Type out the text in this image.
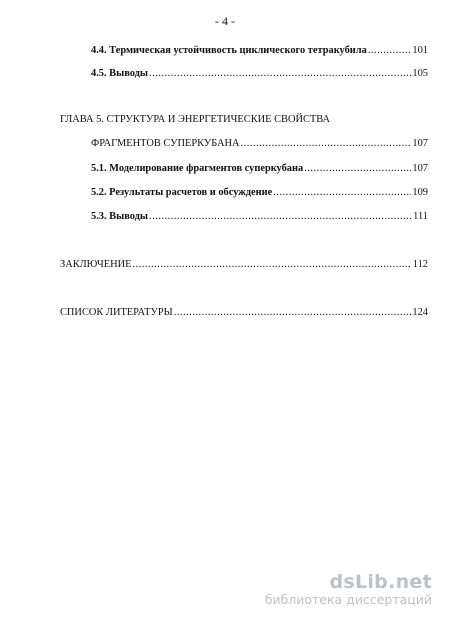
- 4 -
4.4. Термическая устойчивость циклического тетракубила .....	101
4.5. Выводы .....	105
ГЛАВА 5. СТРУКТУРА И ЭНЕРГЕТИЧЕСКИЕ СВОЙСТВА
ФРАГМЕНТОВ СУПЕРКУБАНА .....	107
5.1. Моделирование фрагментов суперкубана .....	107
5.2. Результаты расчетов и обсуждение .....	109
5.3. Выводы .....	111
ЗАКЛЮЧЕНИЕ .....	112
СПИСОК ЛИТЕРАТУРЫ .....	124
dsLib.net
библиотека диссертаций
